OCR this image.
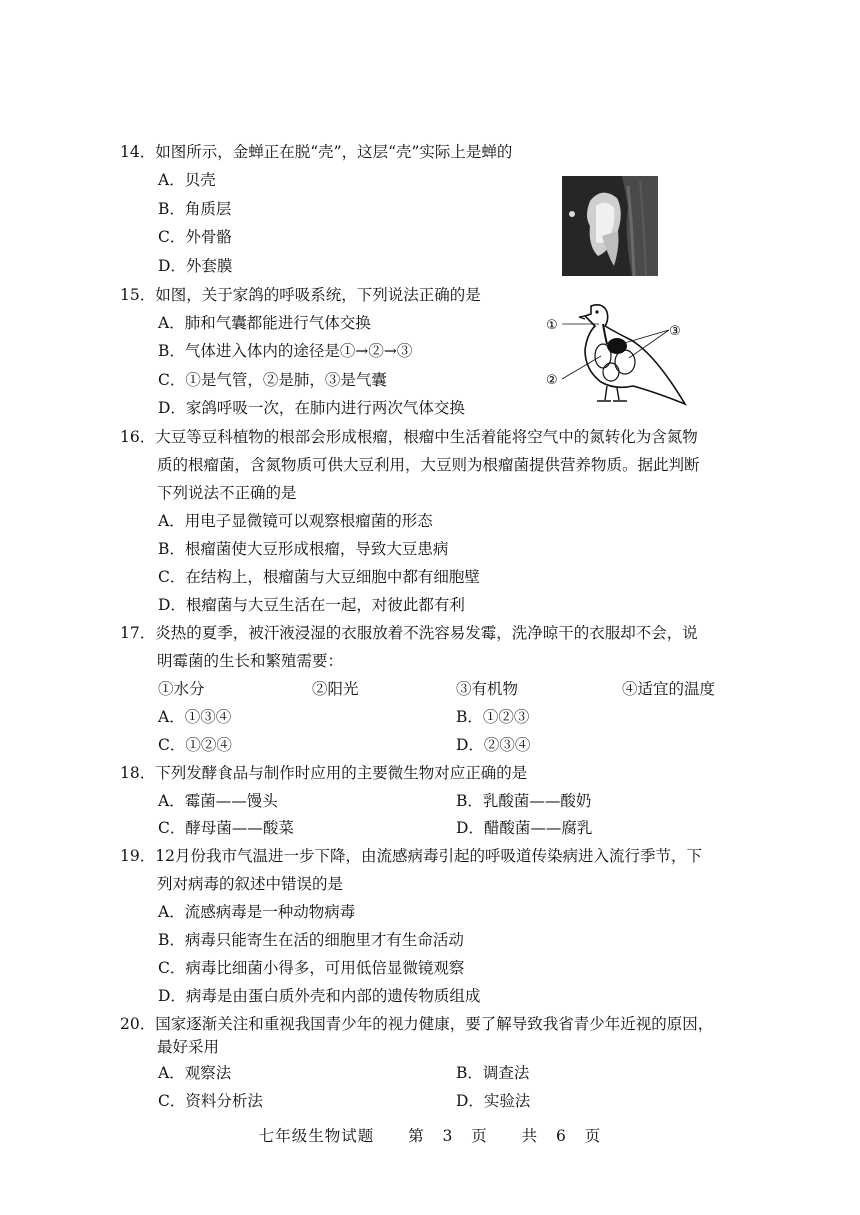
14．如图所示，金蝉正在脱“壳”，这层“壳”实际上是蝉的
A．贝壳
B．角质层
C．外骨骼
D．外套膜
15．如图，关于家鸽的呼吸系统，下列说法正确的是
A．肺和气囊都能进行气体交换
B．气体进入体内的途径是①→②→③
C．①是气管，②是肺，③是气囊
D．家鸽呼吸一次，在肺内进行两次气体交换
①
②
③
16．大豆等豆科植物的根部会形成根瘤，根瘤中生活着能将空气中的氮转化为含氮物
质的根瘤菌，含氮物质可供大豆利用，大豆则为根瘤菌提供营养物质。据此判断
下列说法不正确的是
A．用电子显微镜可以观察根瘤菌的形态
B．根瘤菌使大豆形成根瘤，导致大豆患病
C．在结构上，根瘤菌与大豆细胞中都有细胞壁
D．根瘤菌与大豆生活在一起，对彼此都有利
17．炎热的夏季，被汗液浸湿的衣服放着不洗容易发霉，洗净晾干的衣服却不会，说
明霉菌的生长和繁殖需要：
①水分	②阳光	③有机物	④适宜的温度
A．①③④	B．①②③
C．①②④	D．②③④
18．下列发酵食品与制作时应用的主要微生物对应正确的是
A．霉菌——馒头	B．乳酸菌——酸奶
C．酵母菌——酸菜	D．醋酸菌——腐乳
19．12月份我市气温进一步下降，由流感病毒引起的呼吸道传染病进入流行季节，下
列对病毒的叙述中错误的是
A．流感病毒是一种动物病毒
B．病毒只能寄生在活的细胞里才有生命活动
C．病毒比细菌小得多，可用低倍显微镜观察
D．病毒是由蛋白质外壳和内部的遗传物质组成
20．国家逐渐关注和重视我国青少年的视力健康，要了解导致我省青少年近视的原因，
最好采用
A．观察法	B．调查法
C．资料分析法	D．实验法
七年级生物试题 第 3 页 共 6 页
